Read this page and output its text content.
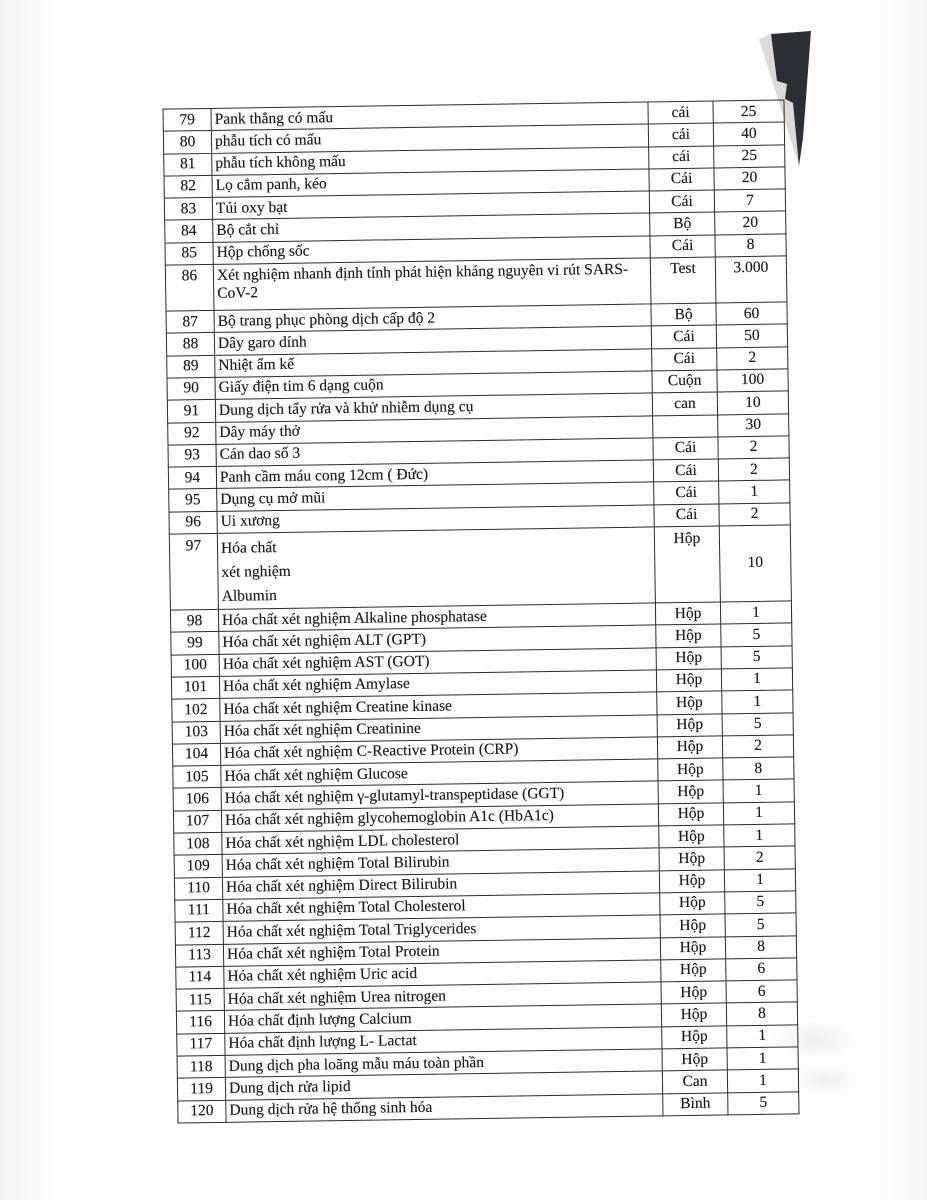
79	Pank thẳng có mấu	cái	25
80	phẫu tích có mấu	cái	40
81	phẫu tích không mấu	cái	25
82	Lọ cắm panh, kéo	Cái	20
83	Túi oxy bạt	Cái	7
84	Bộ cắt chỉ	Bộ	20
85	Hộp chống sốc	Cái	8
86	Xét nghiệm nhanh định tính phát hiện kháng nguyên vi rút SARS-CoV-2	Test	3.000
87	Bộ trang phục phòng dịch cấp độ 2	Bộ	60
88	Dây garo dính	Cái	50
89	Nhiệt ẩm kế	Cái	2
90	Giấy điện tim 6 dạng cuộn	Cuộn	100
91	Dung dịch tẩy rửa và khử nhiễm dụng cụ	can	10
92	Dây máy thở		30
93	Cán dao số 3	Cái	2
94	Panh cầm máu cong 12cm ( Đức)	Cái	2
95	Dụng cụ mở mũi	Cái	1
96	Ui xương	Cái	2
97	Hóa chất
xét nghiệm
Albumin	Hộp	10
98	Hóa chất xét nghiệm Alkaline phosphatase	Hộp	1
99	Hóa chất xét nghiệm ALT (GPT)	Hộp	5
100	Hóa chất xét nghiệm AST (GOT)	Hộp	5
101	Hóa chất xét nghiệm Amylase	Hộp	1
102	Hóa chất xét nghiệm Creatine kinase	Hộp	1
103	Hóa chất xét nghiệm Creatinine	Hộp	5
104	Hóa chất xét nghiệm C-Reactive Protein (CRP)	Hộp	2
105	Hóa chất xét nghiệm Glucose	Hộp	8
106	Hóa chất xét nghiệm γ-glutamyl-transpeptidase (GGT)	Hộp	1
107	Hóa chất xét nghiệm glycohemoglobin A1c (HbA1c)	Hộp	1
108	Hóa chất xét nghiệm LDL cholesterol	Hộp	1
109	Hóa chất xét nghiệm Total Bilirubin	Hộp	2
110	Hóa chất xét nghiệm Direct Bilirubin	Hộp	1
111	Hóa chất xét nghiệm Total Cholesterol	Hộp	5
112	Hóa chất xét nghiệm Total Triglycerides	Hộp	5
113	Hóa chất xét nghiệm Total Protein	Hộp	8
114	Hóa chất xét nghiệm Uric acid	Hộp	6
115	Hóa chất xét nghiệm Urea nitrogen	Hộp	6
116	Hóa chất định lượng Calcium	Hộp	8
117	Hóa chất định lượng L- Lactat	Hộp	1
118	Dung dịch pha loãng mẫu máu toàn phần	Hộp	1
119	Dung dịch rửa lipid	Can	1
120	Dung dịch rửa hệ thống sinh hóa	Bình	5
